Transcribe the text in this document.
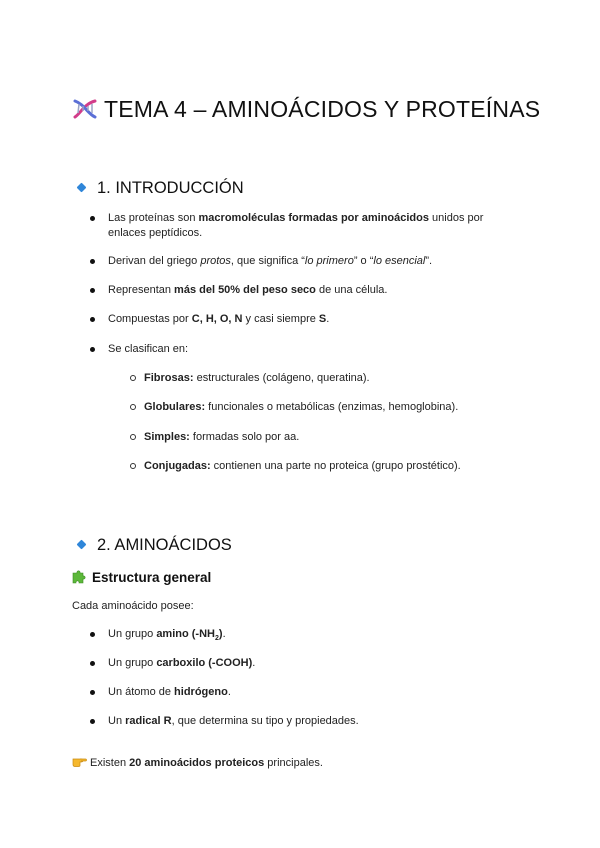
TEMA 4 – AMINOÁCIDOS Y PROTEÍNAS
1. INTRODUCCIÓN
Las proteínas son macromoléculas formadas por aminoácidos unidos por enlaces peptídicos.
Derivan del griego protos, que significa “lo primero” o “lo esencial”.
Representan más del 50% del peso seco de una célula.
Compuestas por C, H, O, N y casi siempre S.
Se clasifican en:
Fibrosas: estructurales (colágeno, queratina).
Globulares: funcionales o metabólicas (enzimas, hemoglobina).
Simples: formadas solo por aa.
Conjugadas: contienen una parte no proteica (grupo prostético).
2. AMINOÁCIDOS
Estructura general
Cada aminoácido posee:
Un grupo amino $(-NH_2)$.
Un grupo carboxilo (-COOH).
Un átomo de hidrógeno.
Un radical R, que determina su tipo y propiedades.
Existen 20 aminoácidos proteicos principales.
